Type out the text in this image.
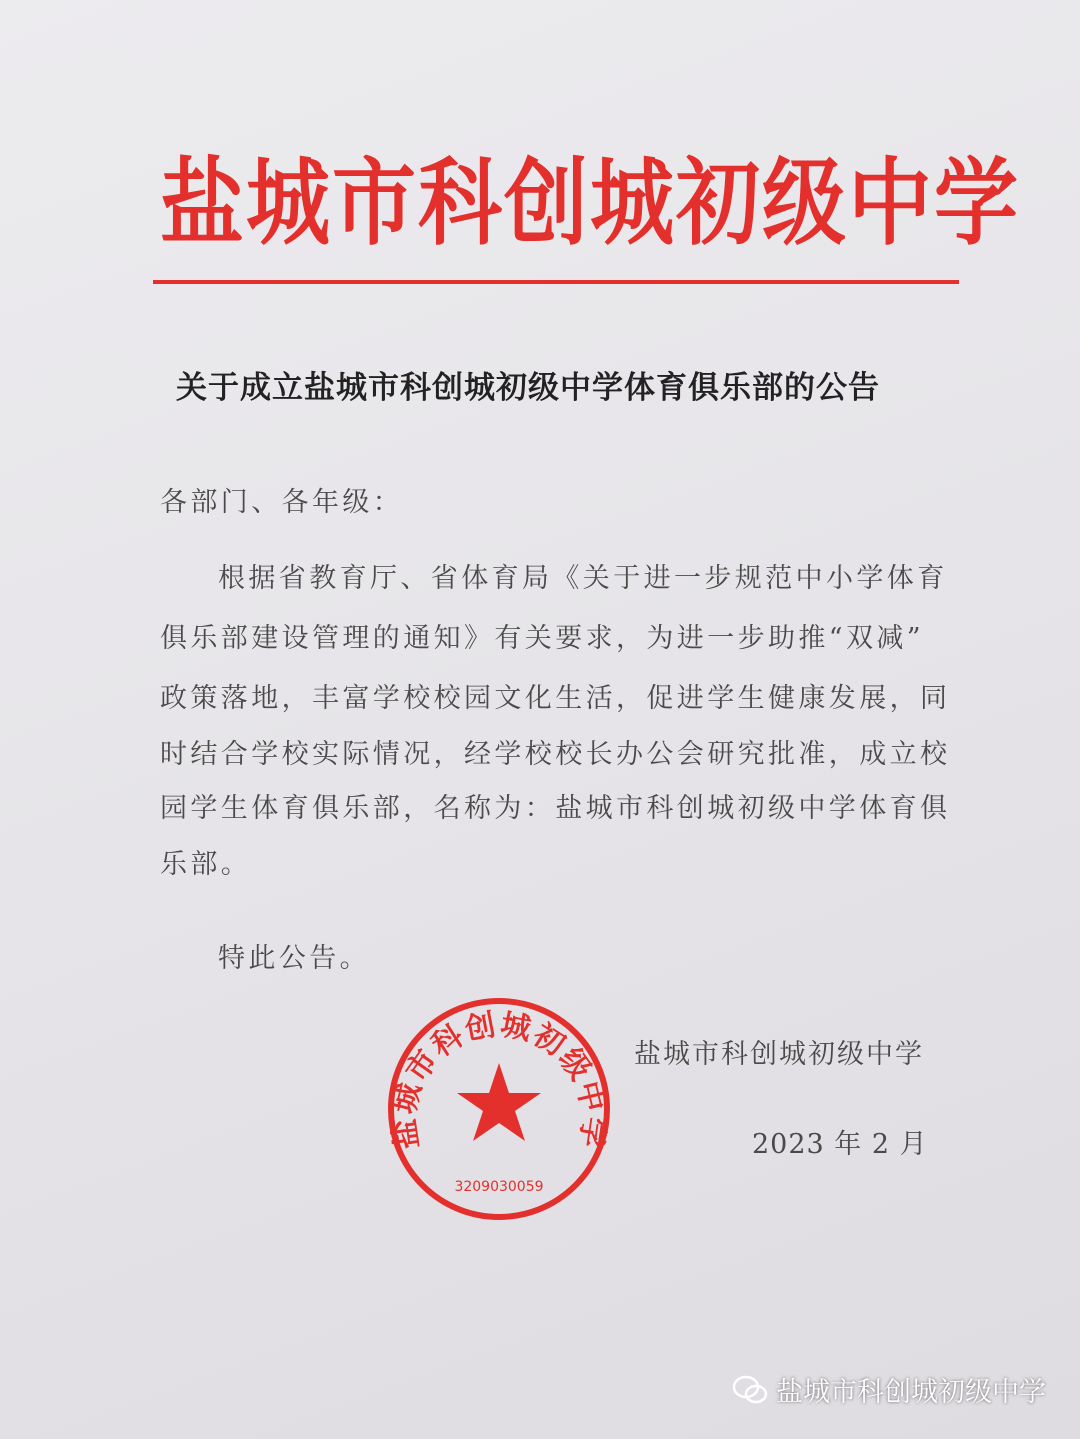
盐城市科创城初级中学
关于成立盐城市科创城初级中学体育俱乐部的公告
各部门、各年级：
根据省教育厅、省体育局《关于进一步规范中小学体育
俱乐部建设管理的通知》有关要求，为进一步助推“双减”
政策落地，丰富学校校园文化生活，促进学生健康发展，同
时结合学校实际情况，经学校校长办公会研究批准，成立校
园学生体育俱乐部，名称为：盐城市科创城初级中学体育俱
乐部。
特此公告。
盐城市科创城初级中学
盐城市科创城初级中学
3209030059
2023 年 2 月
盐城市科创城初级中学
